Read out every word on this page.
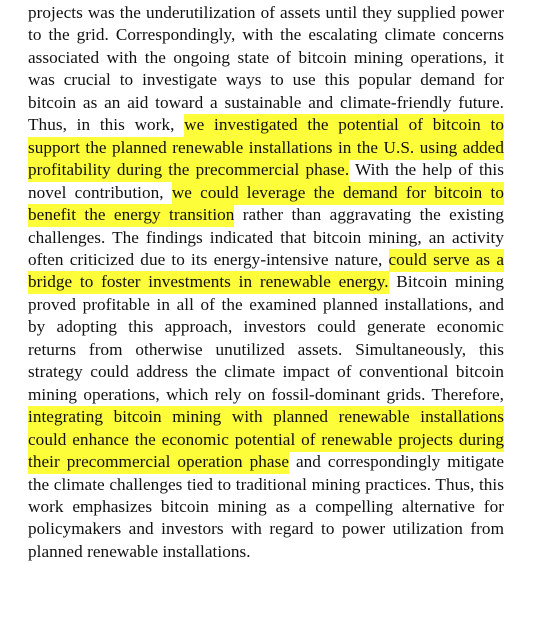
projects was the underutilization of assets until they supplied power to the grid. Correspondingly, with the escalating climate concerns associated with the ongoing state of bitcoin mining operations, it was crucial to investigate ways to use this popular demand for bitcoin as an aid toward a sustainable and climate-friendly future. Thus, in this work, we investigated the potential of bitcoin to support the planned renewable installations in the U.S. using added profitability during the precommercial phase. With the help of this novel contribution, we could leverage the demand for bitcoin to benefit the energy transition rather than aggravating the existing challenges. The findings indicated that bitcoin mining, an activity often criticized due to its energy-intensive nature, could serve as a bridge to foster investments in renewable energy. Bitcoin mining proved profitable in all of the examined planned installations, and by adopting this approach, investors could generate economic returns from otherwise unutilized assets. Simultaneously, this strategy could address the climate impact of conventional bitcoin mining operations, which rely on fossil-dominant grids. Therefore, integrating bitcoin mining with planned renewable installations could enhance the economic potential of renewable projects during their precommercial operation phase and correspondingly mitigate the climate challenges tied to traditional mining practices. Thus, this work emphasizes bitcoin mining as a compelling alternative for policymakers and investors with regard to power utilization from planned renewable installations.
